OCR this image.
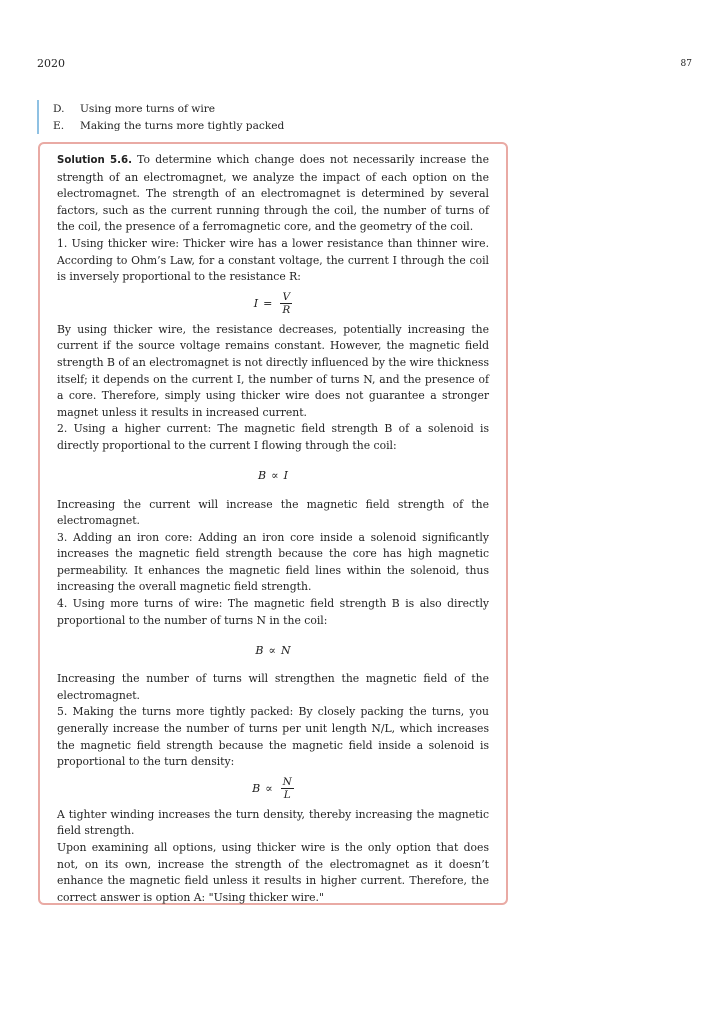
2020	87
D. Using more turns of wire
E. Making the turns more tightly packed

Solution 5.6. To determine which change does not necessarily increase the strength of an electromagnet, we analyze the impact of each option on the electromagnet. The strength of an electromagnet is determined by several factors, such as the current running through the coil, the number of turns of the coil, the presence of a ferromagnetic core, and the geometry of the coil.

1. Using thicker wire: Thicker wire has a lower resistance than thinner wire. According to Ohm’s Law, for a constant voltage, the current I through the coil is inversely proportional to the resistance R:

$I = \frac{V}{R}$

By using thicker wire, the resistance decreases, potentially increasing the current if the source voltage remains constant. However, the magnetic field strength B of an electromagnet is not directly influenced by the wire thickness itself; it depends on the current I, the number of turns N, and the presence of a core. Therefore, simply using thicker wire does not guarantee a stronger magnet unless it results in increased current.

2. Using a higher current: The magnetic field strength B of a solenoid is directly proportional to the current I flowing through the coil:

B ∝ I

Increasing the current will increase the magnetic field strength of the electromagnet.

3. Adding an iron core: Adding an iron core inside a solenoid significantly increases the magnetic field strength because the core has high magnetic permeability. It enhances the magnetic field lines within the solenoid, thus increasing the overall magnetic field strength.

4. Using more turns of wire: The magnetic field strength B is also directly proportional to the number of turns N in the coil:

B ∝ N

Increasing the number of turns will strengthen the magnetic field of the electromagnet.

5. Making the turns more tightly packed: By closely packing the turns, you generally increase the number of turns per unit length N/L, which increases the magnetic field strength because the magnetic field inside a solenoid is proportional to the turn density:

$B \propto \frac{N}{L}$

A tighter winding increases the turn density, thereby increasing the magnetic field strength.

Upon examining all options, using thicker wire is the only option that does not, on its own, increase the strength of the electromagnet as it doesn’t enhance the magnetic field unless it results in higher current. Therefore, the correct answer is option A: "Using thicker wire."
